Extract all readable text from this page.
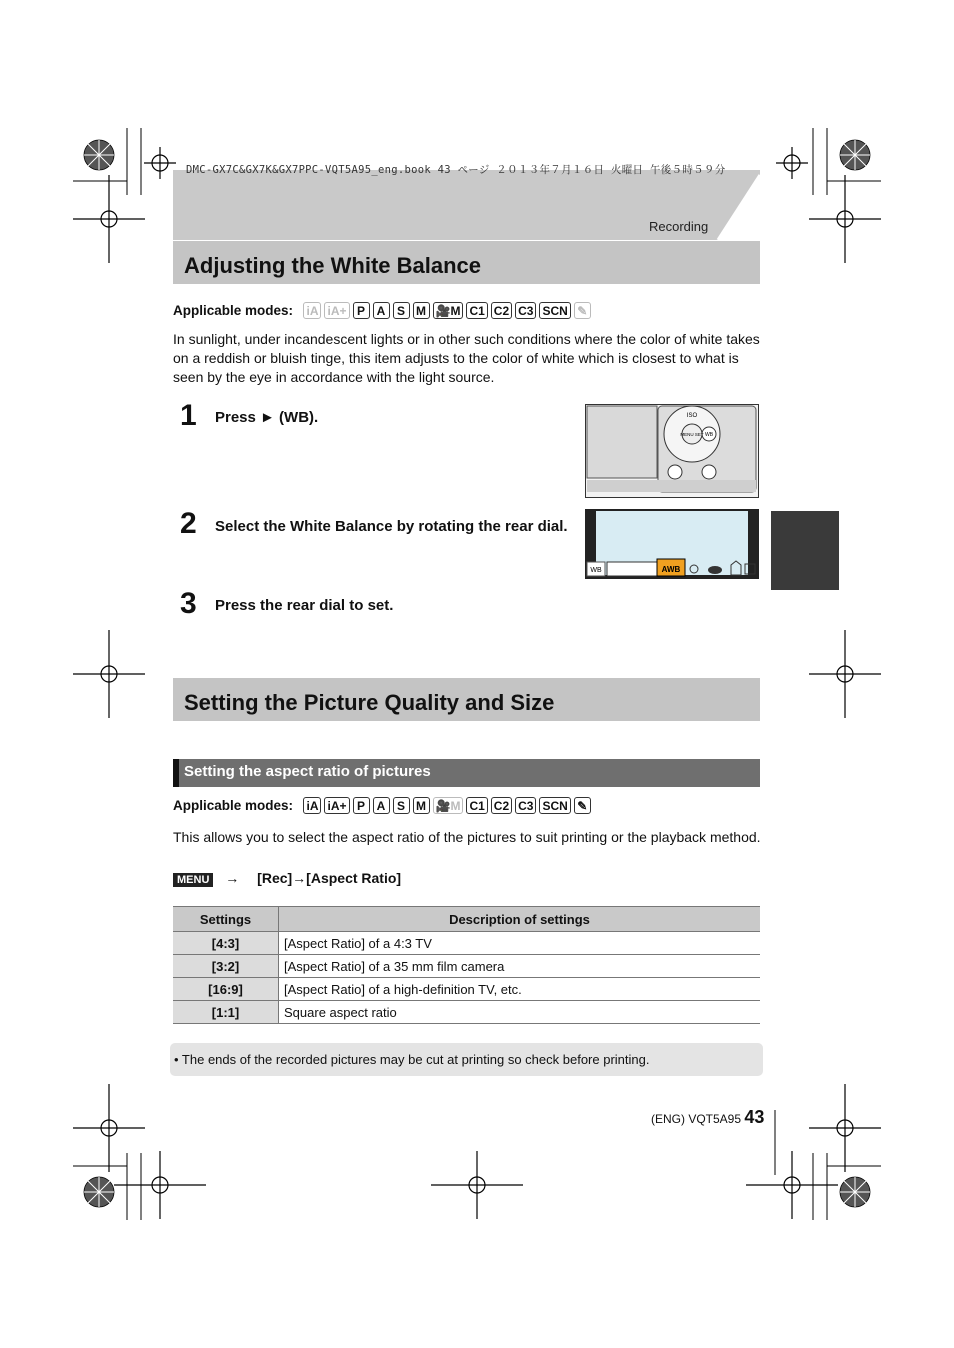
DMC-GX7C&GX7K&GX7PPC-VQT5A95_eng.book 43 ページ ２０１３年７月１６日 火曜日 午後５時５９分
Recording
Adjusting the White Balance
Applicable modes: iA iA+ P A S M 🎥M C1 C2 C3 SCN ✎
In sunlight, under incandescent lights or in other such conditions where the color of white takes on a reddish or bluish tinge, this item adjusts to the color of white which is closest to what is seen by the eye in accordance with the light source.
1 Press ► (WB).
2 Select the White Balance by rotating the rear dial.
3 Press the rear dial to set.
ISO
MENU SET WB
AWB
WB
Setting the Picture Quality and Size
Setting the aspect ratio of pictures
Applicable modes: iA iA+ P A S M 🎥M C1 C2 C3 SCN ✎
This allows you to select the aspect ratio of the pictures to suit printing or the playback method.
MENU → [Rec]→[Aspect Ratio]
Settings	Description of settings
[4:3]	[Aspect Ratio] of a 4:3 TV
[3:2]	[Aspect Ratio] of a 35 mm film camera
[16:9]	[Aspect Ratio] of a high-definition TV, etc.
[1:1]	Square aspect ratio
• The ends of the recorded pictures may be cut at printing so check before printing.
(ENG) VQT5A95 43
